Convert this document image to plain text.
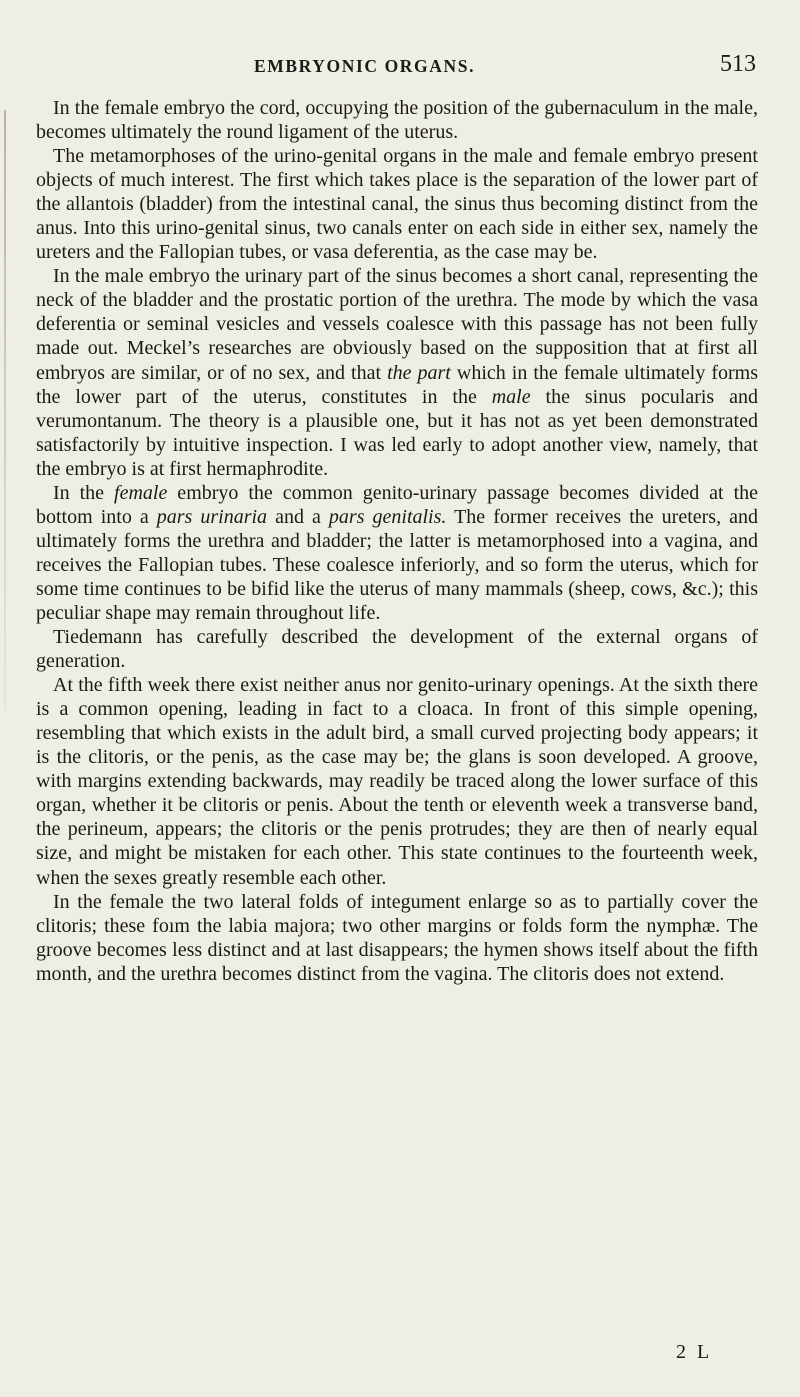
EMBRYONIC ORGANS.	513

In the female embryo the cord, occupying the position of the gubernaculum in the male, becomes ultimately the round ligament of the uterus.

The metamorphoses of the urino-genital organs in the male and female embryo present objects of much interest. The first which takes place is the separation of the lower part of the allantois (bladder) from the intestinal canal, the sinus thus becoming distinct from the anus. Into this urino-genital sinus, two canals enter on each side in either sex, namely the ureters and the Fallopian tubes, or vasa deferentia, as the case may be.

In the male embryo the urinary part of the sinus becomes a short canal, representing the neck of the bladder and the prostatic portion of the urethra. The mode by which the vasa deferentia or seminal vesicles and vessels coalesce with this passage has not been fully made out. Meckel’s researches are obviously based on the supposition that at first all embryos are similar, or of no sex, and that the part which in the female ultimately forms the lower part of the uterus, constitutes in the male the sinus pocularis and verumontanum. The theory is a plausible one, but it has not as yet been demonstrated satisfactorily by intuitive inspection. I was led early to adopt another view, namely, that the embryo is at first hermaphrodite.

In the female embryo the common genito-urinary passage becomes divided at the bottom into a pars urinaria and a pars genitalis. The former receives the ureters, and ultimately forms the urethra and bladder; the latter is metamorphosed into a vagina, and receives the Fallopian tubes. These coalesce inferiorly, and so form the uterus, which for some time continues to be bifid like the uterus of many mammals (sheep, cows, &c.); this peculiar shape may remain throughout life.

Tiedemann has carefully described the development of the external organs of generation.

At the fifth week there exist neither anus nor genito-urinary openings. At the sixth there is a common opening, leading in fact to a cloaca. In front of this simple opening, resembling that which exists in the adult bird, a small curved projecting body appears; it is the clitoris, or the penis, as the case may be; the glans is soon developed. A groove, with margins extending backwards, may readily be traced along the lower surface of this organ, whether it be clitoris or penis. About the tenth or eleventh week a transverse band, the perineum, appears; the clitoris or the penis protrudes; they are then of nearly equal size, and might be mistaken for each other. This state continues to the fourteenth week, when the sexes greatly resemble each other.

In the female the two lateral folds of integument enlarge so as to partially cover the clitoris; these foım the labia majora; two other margins or folds form the nymphæ. The groove becomes less distinct and at last disappears; the hymen shows itself about the fifth month, and the urethra becomes distinct from the vagina. The clitoris does not extend.

2 L
